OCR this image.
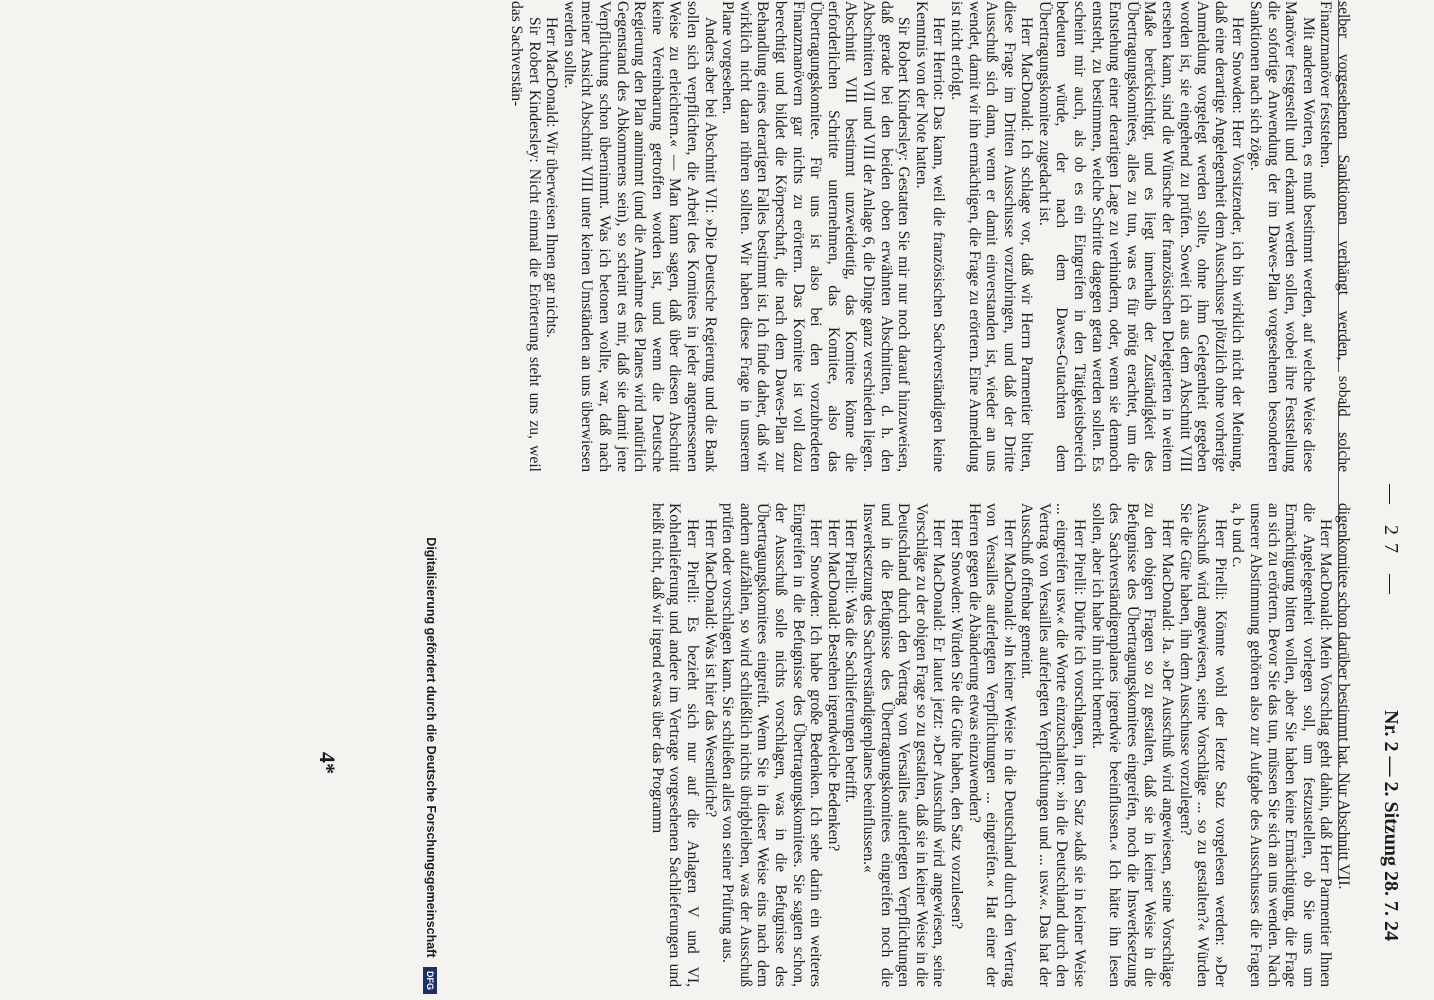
— 27 —
Nr. 2 — 2. Sitzung 28. 7. 24

selber vorgesehenen Sanktionen verhängt werden, sobald solche Finanzmanöver feststehen.

Mit anderen Worten, es muß bestimmt werden, auf welche Weise diese Manöver festgestellt und erkannt werden sollen, wobei ihre Feststellung die sofortige Anwendung der im Dawes-Plan vorgesehenen besonderen Sanktionen nach sich zöge.

Herr Snowden: Herr Vorsitzender, ich bin wirklich nicht der Meinung, daß eine derartige Angelegenheit dem Ausschusse plötzlich ohne vorherige Anmeldung vorgelegt werden sollte, ohne ihm Gelegenheit gegeben worden ist, sie eingehend zu prüfen. Soweit ich aus dem Abschnitt VIII ersehen kann, sind die Wünsche der französischen Delegierten in weitem Maße berücksichtigt, und es liegt innerhalb der Zuständigkeit des Übertragungskomitees, alles zu tun, was es für nötig erachtet, um die Entstehung einer derartigen Lage zu verhindern, oder, wenn sie dennoch entsteht, zu bestimmen, welche Schritte dagegen getan werden sollen. Es scheint mir auch, als ob es ein Eingreifen in den Tätigkeitsbereich bedeuten würde, der nach dem Dawes-Gutachten dem Übertragungskomitee zugedacht ist.

Herr MacDonald: Ich schlage vor, daß wir Herrn Parmentier bitten, diese Frage im Dritten Ausschusse vorzubringen, und daß der Dritte Ausschuß sich dann, wenn er damit einverstanden ist, wieder an uns wendet, damit wir ihn ermächtigen, die Frage zu erörtern. Eine Anmeldung ist nicht erfolgt.

Herr Herriot: Das kann, weil die französischen Sachverständigen keine Kenntnis von der Note hatten.

Sir Robert Kindersley: Gestatten Sie mir nur noch darauf hinzuweisen, daß gerade bei den beiden oben erwähnten Abschnitten, d. h. den Abschnitten VII und VIII der Anlage 6, die Dinge ganz verschieden liegen. Abschnitt VIII bestimmt unzweideutig, das Komitee könne die erforderlichen Schritte unternehmen, das Komitee, also das Übertragungskomitee. Für uns ist also bei den vorzubredeten Finanzmanövern gar nichts zu erörtern. Das Komitee ist voll dazu berechtigt und bildet die Körperschaft, die nach dem Dawes-Plan zur Behandlung eines derartigen Falles bestimmt ist. Ich finde daher, daß wir wirklich nicht daran rühren sollten. Wir haben diese Frage in unserem Plane vorgesehen.

Anders aber bei Abschnitt VII: »Die Deutsche Regierung und die Bank sollen sich verpflichten, die Arbeit des Komitees in jeder angemessenen Weise zu erleichtern.« — Man kann sagen, daß über diesen Abschnitt keine Vereinbarung getroffen worden ist, und wenn die Deutsche Regierung den Plan annimmt (und die Annahme des Planes wird natürlich Gegenstand des Abkommens sein), so scheint es mir, daß sie damit jene Verpflichtung schon übernimmt. Was ich betonen wollte, war, daß nach meiner Ansicht Abschnitt VIII unter keinen Umständen an uns überwiesen werden sollte.

Herr MacDonald: Wir überweisen Ihnen gar nichts.

Sir Robert Kindersley: Nicht einmal die Erörterung steht uns zu, weil das Sachverstän-

digenkomitee schon darüber bestimmt hat. Nur Abschnitt VII.

Herr MacDonald: Mein Vorschlag geht dahin, daß Herr Parmentier Ihnen die Angelegenheit vorlegen soll, um festzustellen, ob Sie uns um Ermächtigung bitten wollen, aber Sie haben keine Ermächtigung, die Frage an sich zu erörtern. Bevor Sie das tun, müssen Sie sich an uns wenden. Nach unserer Abstimmung gehören also zur Aufgabe des Ausschusses die Fragen a, b und c.

Herr Pirelli: Könnte wohl der letzte Satz vorgelesen werden: »Der Ausschuß wird angewiesen, seine Vorschläge ... so zu gestalten?« Würden Sie die Güte haben, ihn dem Ausschusse vorzulegen?

Herr MacDonald: Ja. »Der Ausschuß wird angewiesen, seine Vorschläge zu den obigen Fragen so zu gestalten, daß sie in keiner Weise in die Befugnisse des Übertragungskomitees eingreifen, noch die Inswerksetzung des Sachverständigenplanes irgendwie beeinflussen.« Ich hätte ihn lesen sollen, aber ich habe ihn nicht bemerkt.

Herr Pirelli: Dürfte ich vorschlagen, in den Satz »daß sie in keiner Weise ... eingreifen usw.« die Worte einzuschalten: »in die Deutschland durch den Vertrag von Versailles auferlegten Verpflichtungen und ... usw.«. Das hat der Ausschuß offenbar gemeint.

Herr MacDonald: »In keiner Weise in die Deutschland durch den Vertrag von Versailles auferlegten Verpflichtungen ... eingreifen.« Hat einer der Herren gegen die Abänderung etwas einzuwenden?

Herr Snowden: Würden Sie die Güte haben, den Satz vorzulesen?

Herr MacDonald: Er lautet jetzt: »Der Ausschuß wird angewiesen, seine Vorschläge zu der obigen Frage so zu gestalten, daß sie in keiner Weise in die Deutschland durch den Vertrag von Versailles auferlegten Verpflichtungen und in die Befugnisse des Übertragungskomitees eingreifen noch die Inswerksetzung des Sachverständigenplanes beeinflussen.«

Herr Pirelli: Was die Sachlieferungen betrifft.

Herr MacDonald: Bestehen irgendwelche Bedenken?

Herr Snowden: Ich habe große Bedenken. Ich sehe darin ein weiteres Eingreifen in die Befugnisse des Übertragungskomitees. Sie sagten schon, der Ausschuß solle nichts vorschlagen, was in die Befugnisse des Übertragungskomitees eingreift. Wenn Sie in dieser Weise eins nach dem andern aufzählen, so wird schließlich nichts übrigbleiben, was der Ausschuß prüfen oder vorschlagen kann. Sie schließen alles von seiner Prüfung aus.

Herr MacDonald: Was ist hier das Wesentliche?

Herr Pirelli: Es bezieht sich nur auf die Anlagen V und VI, Kohlenlieferung und andere im Vertrage vorgesehenen Sachlieferungen und heißt nicht, daß wir irgend etwas über das Programm

4*	Digitalisierung gefördert durch die Deutsche Forschungsgemeinschaft DFG
